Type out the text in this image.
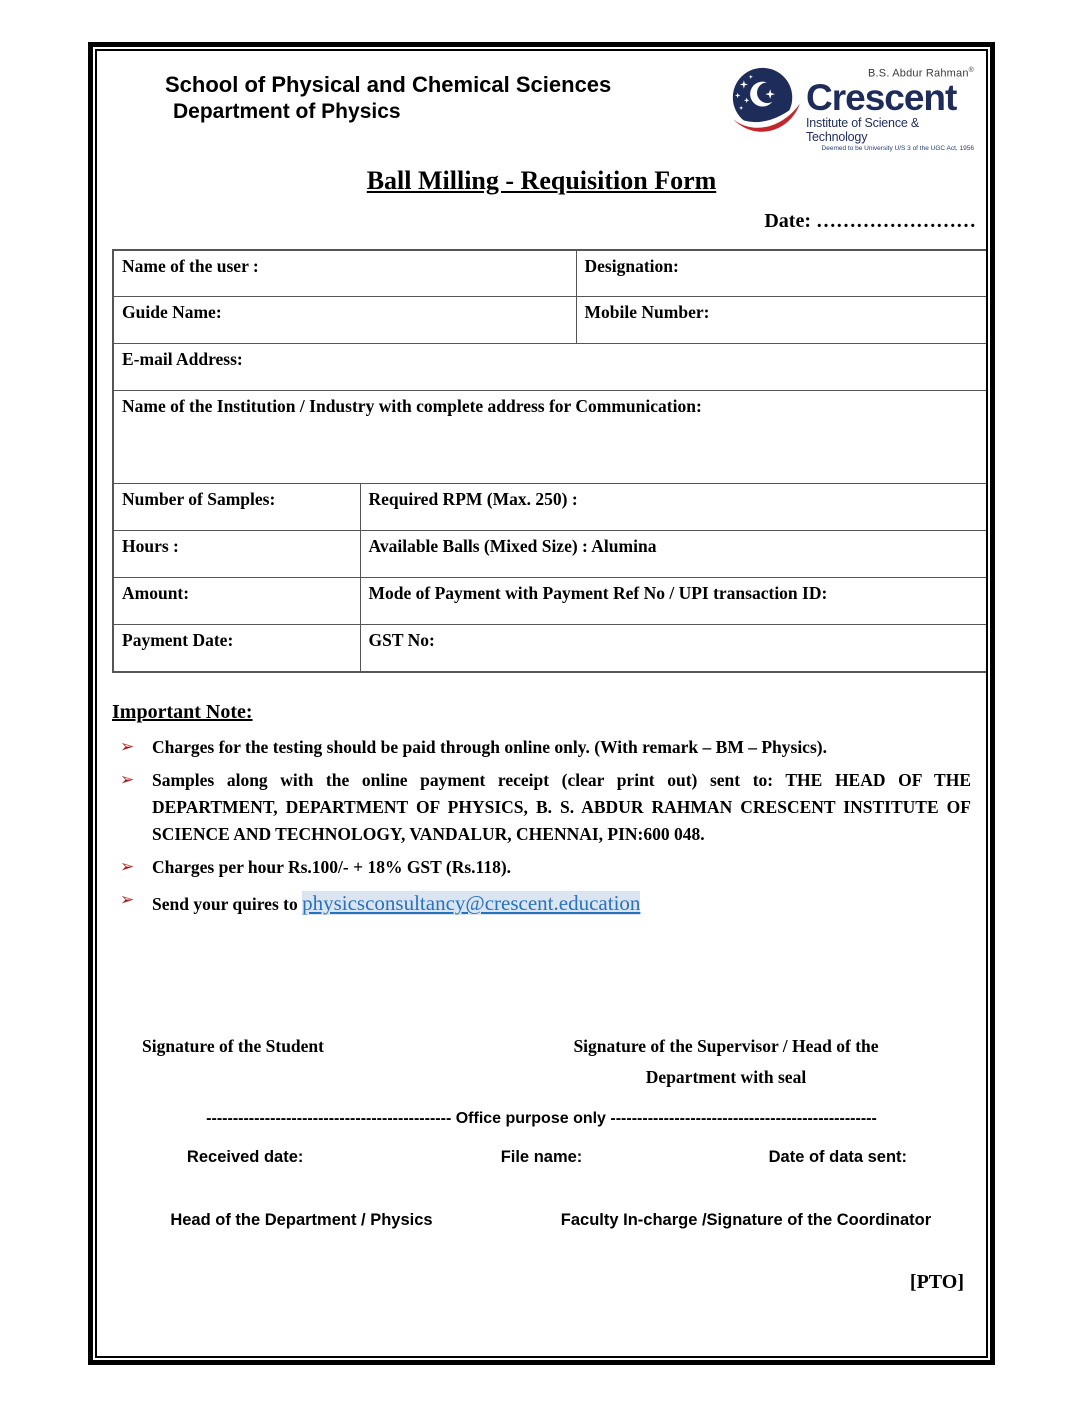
School of Physical and Chemical Sciences
Department of Physics
B.S. Abdur Rahman®
Crescent
Institute of Science & Technology
Deemed to be University U/S 3 of the UGC Act, 1956
Ball Milling - Requisition Form
Date: ……………………
Name of the user :		Designation:
Guide Name:		Mobile Number:
E-mail Address:		
Name of the Institution / Industry with complete address for Communication:		
Number of Samples:	Required RPM (Max. 250) :	
Hours :	Available Balls (Mixed Size) : Alumina	
Amount:	Mode of Payment with Payment Ref No / UPI transaction ID:	
Payment Date:	GST No:	
Important Note:
➢	Charges for the testing should be paid through online only. (With remark – BM – Physics).
➢	Samples along with the online payment receipt (clear print out) sent to: THE HEAD OF THE DEPARTMENT, DEPARTMENT OF PHYSICS, B. S. ABDUR RAHMAN CRESCENT INSTITUTE OF SCIENCE AND TECHNOLOGY, VANDALUR, CHENNAI, PIN:600 048.
➢	Charges per hour Rs.100/- + 18% GST (Rs.118).
➢	Send your quires to physicsconsultancy@crescent.education
Signature of the Student	Signature of the Supervisor / Head of the
Department with seal
---------------------------------------------- Office purpose only --------------------------------------------------
Received date:	File name:	Date of data sent:
Head of the Department / Physics	Faculty In-charge /Signature of the Coordinator
[PTO]
